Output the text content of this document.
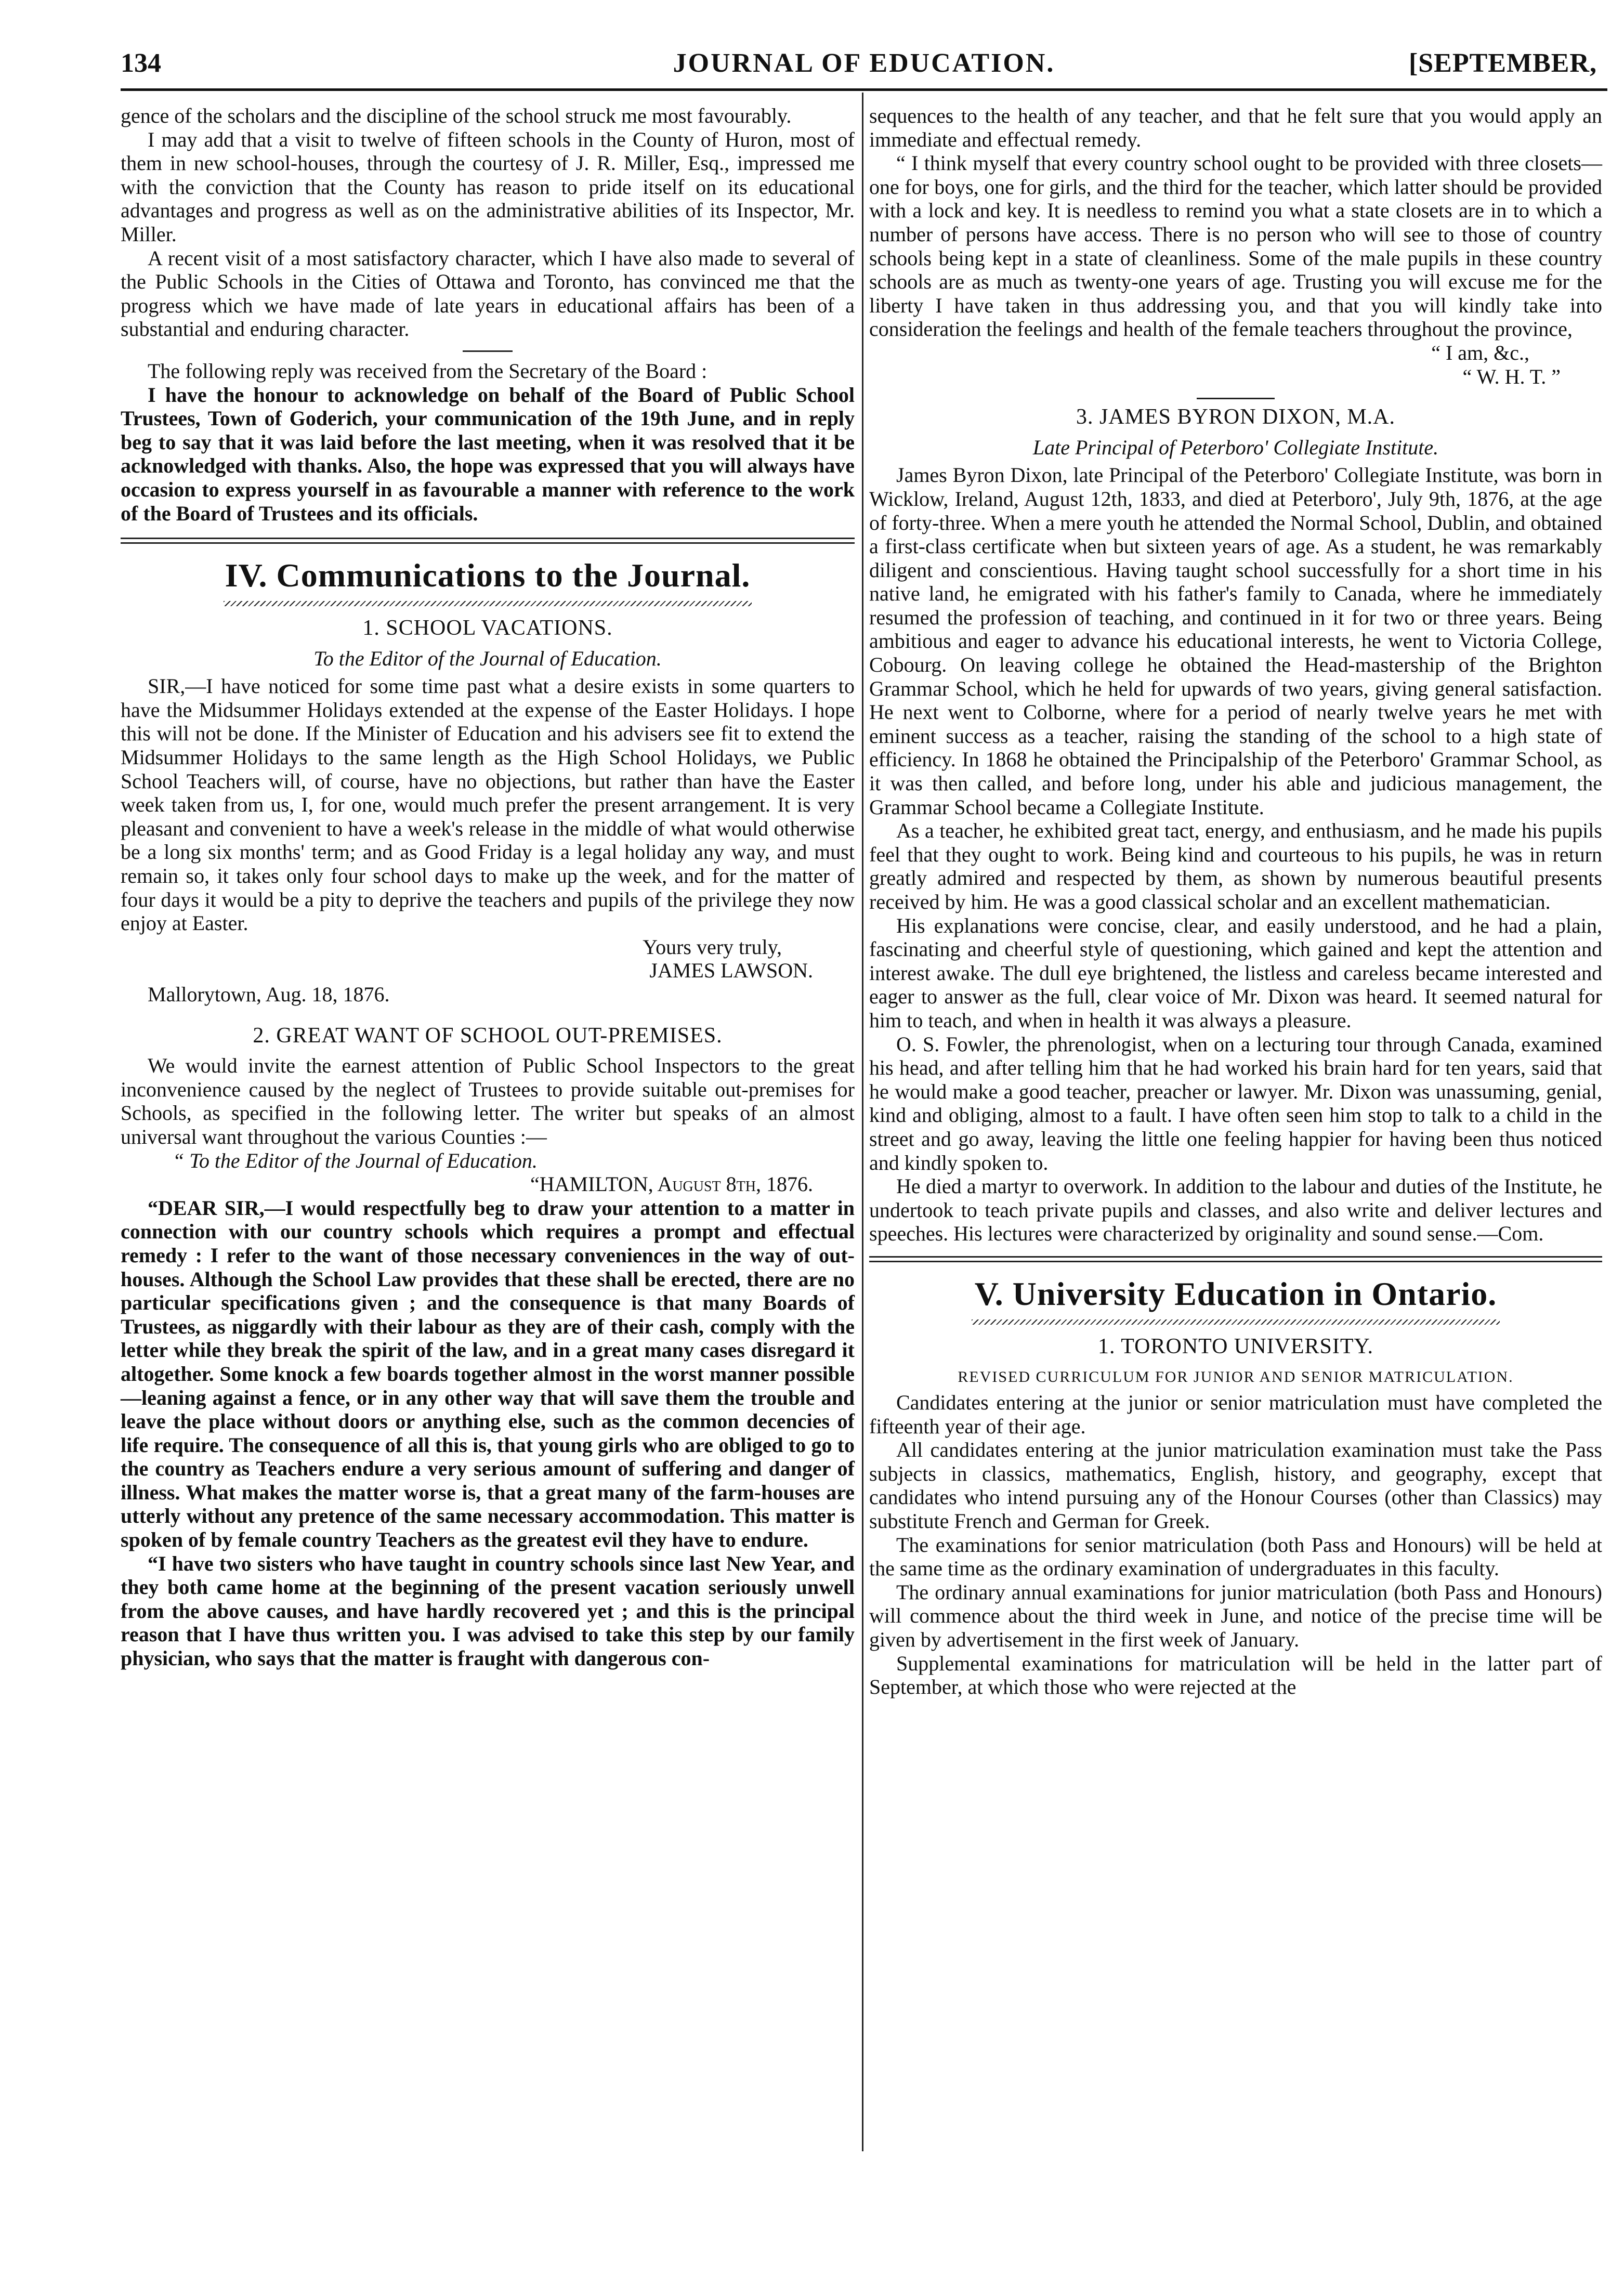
134	JOURNAL OF EDUCATION.	[SEPTEMBER,

gence of the scholars and the discipline of the school struck me most favourably.

I may add that a visit to twelve of fifteen schools in the County of Huron, most of them in new school-houses, through the courtesy of J. R. Miller, Esq., impressed me with the conviction that the County has reason to pride itself on its educational advantages and progress as well as on the administrative abilities of its Inspector, Mr. Miller.

A recent visit of a most satisfactory character, which I have also made to several of the Public Schools in the Cities of Ottawa and Toronto, has convinced me that the progress which we have made of late years in educational affairs has been of a substantial and enduring character.

The following reply was received from the Secretary of the Board :

I have the honour to acknowledge on behalf of the Board of Public School Trustees, Town of Goderich, your communication of the 19th June, and in reply beg to say that it was laid before the last meeting, when it was resolved that it be acknowledged with thanks. Also, the hope was expressed that you will always have occasion to express yourself in as favourable a manner with reference to the work of the Board of Trustees and its officials.

IV. Communications to the Journal.
1. SCHOOL VACATIONS.
To the Editor of the Journal of Education.

SIR,—I have noticed for some time past what a desire exists in some quarters to have the Midsummer Holidays extended at the expense of the Easter Holidays. I hope this will not be done. If the Minister of Education and his advisers see fit to extend the Midsummer Holidays to the same length as the High School Holidays, we Public School Teachers will, of course, have no objections, but rather than have the Easter week taken from us, I, for one, would much prefer the present arrangement. It is very pleasant and convenient to have a week's release in the middle of what would otherwise be a long six months' term; and as Good Friday is a legal holiday any way, and must remain so, it takes only four school days to make up the week, and for the matter of four days it would be a pity to deprive the teachers and pupils of the privilege they now enjoy at Easter.

Yours very truly,
JAMES LAWSON.

Mallorytown, Aug. 18, 1876.

2. GREAT WANT OF SCHOOL OUT-PREMISES.

We would invite the earnest attention of Public School Inspectors to the great inconvenience caused by the neglect of Trustees to provide suitable out-premises for Schools, as specified in the following letter. The writer but speaks of an almost universal want throughout the various Counties :—

“ To the Editor of the Journal of Education.

“HAMILTON, August 8th, 1876.

“DEAR SIR,—I would respectfully beg to draw your attention to a matter in connection with our country schools which requires a prompt and effectual remedy : I refer to the want of those necessary conveniences in the way of out-houses. Although the School Law provides that these shall be erected, there are no particular specifications given ; and the consequence is that many Boards of Trustees, as niggardly with their labour as they are of their cash, comply with the letter while they break the spirit of the law, and in a great many cases disregard it altogether. Some knock a few boards together almost in the worst manner possible—leaning against a fence, or in any other way that will save them the trouble and leave the place without doors or anything else, such as the common decencies of life require. The consequence of all this is, that young girls who are obliged to go to the country as Teachers endure a very serious amount of suffering and danger of illness. What makes the matter worse is, that a great many of the farm-houses are utterly without any pretence of the same necessary accommodation. This matter is spoken of by female country Teachers as the greatest evil they have to endure.

“I have two sisters who have taught in country schools since last New Year, and they both came home at the beginning of the present vacation seriously unwell from the above causes, and have hardly recovered yet ; and this is the principal reason that I have thus written you. I was advised to take this step by our family physician, who says that the matter is fraught with dangerous con-

sequences to the health of any teacher, and that he felt sure that you would apply an immediate and effectual remedy.

“ I think myself that every country school ought to be provided with three closets—one for boys, one for girls, and the third for the teacher, which latter should be provided with a lock and key. It is needless to remind you what a state closets are in to which a number of persons have access. There is no person who will see to those of country schools being kept in a state of cleanliness. Some of the male pupils in these country schools are as much as twenty-one years of age. Trusting you will excuse me for the liberty I have taken in thus addressing you, and that you will kindly take into consideration the feelings and health of the female teachers throughout the province,

“ I am, &c.,
“ W. H. T. ”
3. JAMES BYRON DIXON, M.A.
Late Principal of Peterboro' Collegiate Institute.

James Byron Dixon, late Principal of the Peterboro' Collegiate Institute, was born in Wicklow, Ireland, August 12th, 1833, and died at Peterboro', July 9th, 1876, at the age of forty-three. When a mere youth he attended the Normal School, Dublin, and obtained a first-class certificate when but sixteen years of age. As a student, he was remarkably diligent and conscientious. Having taught school successfully for a short time in his native land, he emigrated with his father's family to Canada, where he immediately resumed the profession of teaching, and continued in it for two or three years. Being ambitious and eager to advance his educational interests, he went to Victoria College, Cobourg. On leaving college he obtained the Head-mastership of the Brighton Grammar School, which he held for upwards of two years, giving general satisfaction. He next went to Colborne, where for a period of nearly twelve years he met with eminent success as a teacher, raising the standing of the school to a high state of efficiency. In 1868 he obtained the Principalship of the Peterboro' Grammar School, as it was then called, and before long, under his able and judicious management, the Grammar School became a Collegiate Institute.

As a teacher, he exhibited great tact, energy, and enthusiasm, and he made his pupils feel that they ought to work. Being kind and courteous to his pupils, he was in return greatly admired and respected by them, as shown by numerous beautiful presents received by him. He was a good classical scholar and an excellent mathematician.

His explanations were concise, clear, and easily understood, and he had a plain, fascinating and cheerful style of questioning, which gained and kept the attention and interest awake. The dull eye brightened, the listless and careless became interested and eager to answer as the full, clear voice of Mr. Dixon was heard. It seemed natural for him to teach, and when in health it was always a pleasure.

O. S. Fowler, the phrenologist, when on a lecturing tour through Canada, examined his head, and after telling him that he had worked his brain hard for ten years, said that he would make a good teacher, preacher or lawyer. Mr. Dixon was unassuming, genial, kind and obliging, almost to a fault. I have often seen him stop to talk to a child in the street and go away, leaving the little one feeling happier for having been thus noticed and kindly spoken to.

He died a martyr to overwork. In addition to the labour and duties of the Institute, he undertook to teach private pupils and classes, and also write and deliver lectures and speeches. His lectures were characterized by originality and sound sense.—Com.

V. University Education in Ontario.
1. TORONTO UNIVERSITY.
REVISED CURRICULUM FOR JUNIOR AND SENIOR MATRICULATION.

Candidates entering at the junior or senior matriculation must have completed the fifteenth year of their age.

All candidates entering at the junior matriculation examination must take the Pass subjects in classics, mathematics, English, history, and geography, except that candidates who intend pursuing any of the Honour Courses (other than Classics) may substitute French and German for Greek.

The examinations for senior matriculation (both Pass and Honours) will be held at the same time as the ordinary examination of undergraduates in this faculty.

The ordinary annual examinations for junior matriculation (both Pass and Honours) will commence about the third week in June, and notice of the precise time will be given by advertisement in the first week of January.

Supplemental examinations for matriculation will be held in the latter part of September, at which those who were rejected at the
